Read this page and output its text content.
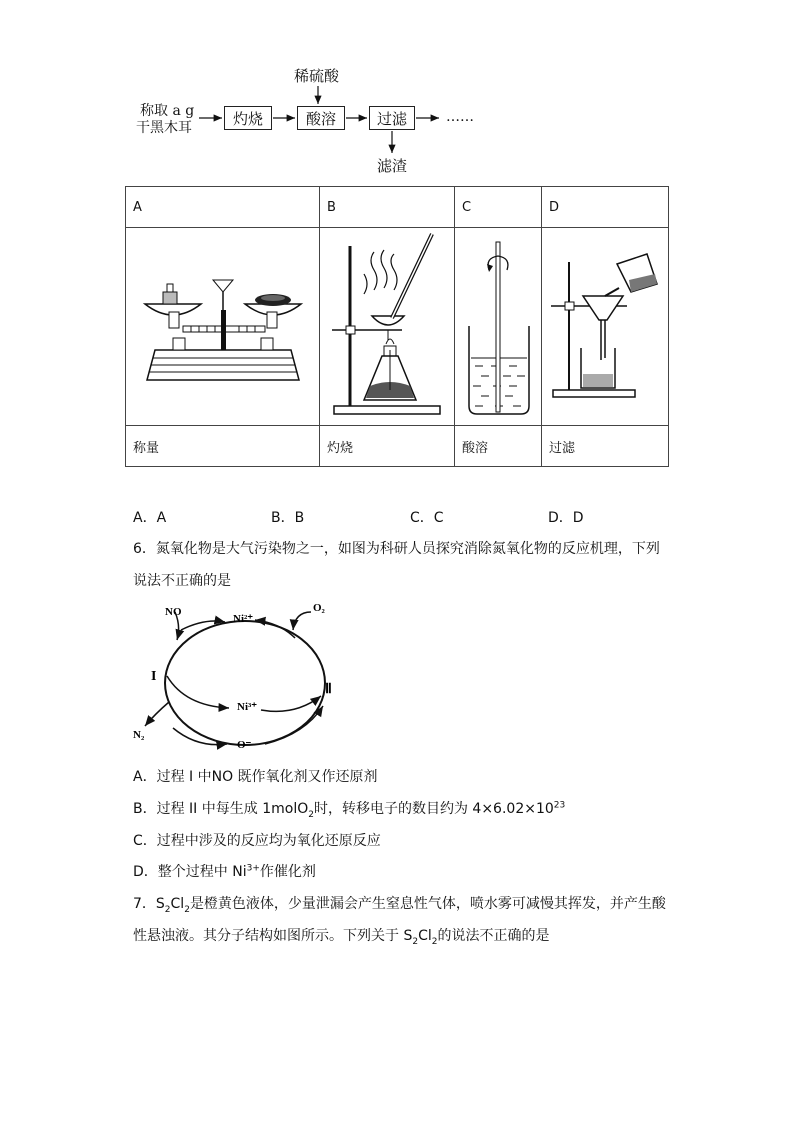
稀硫酸
称取 a g
干黑木耳
灼烧	酸溶	过滤	……
滤渣
A	B	C	D

称量	灼烧	酸溶	过滤
A．A	B．B	C．C	D．D
6．氮氧化物是大气污染物之一，如图为科研人员探究消除氮氧化物的反应机理，下列
说法不正确的是
NO
Ni²⁺
O₂
I
Ⅱ
Ni³⁺
N₂
O⁻
A．过程 I 中NO 既作氧化剂又作还原剂
B．过程 II 中每生成 1molO$_2$时，转移电子的数目约为 $4\times 6.02\times 10^{23}$
C．过程中涉及的反应均为氧化还原反应
D．整个过程中 $Ni^{3+}$作催化剂
7．$S_2Cl_2$是橙黄色液体，少量泄漏会产生窒息性气体，喷水雾可减慢其挥发，并产生酸
性悬浊液。其分子结构如图所示。下列关于 $S_2Cl_2$的说法不正确的是
